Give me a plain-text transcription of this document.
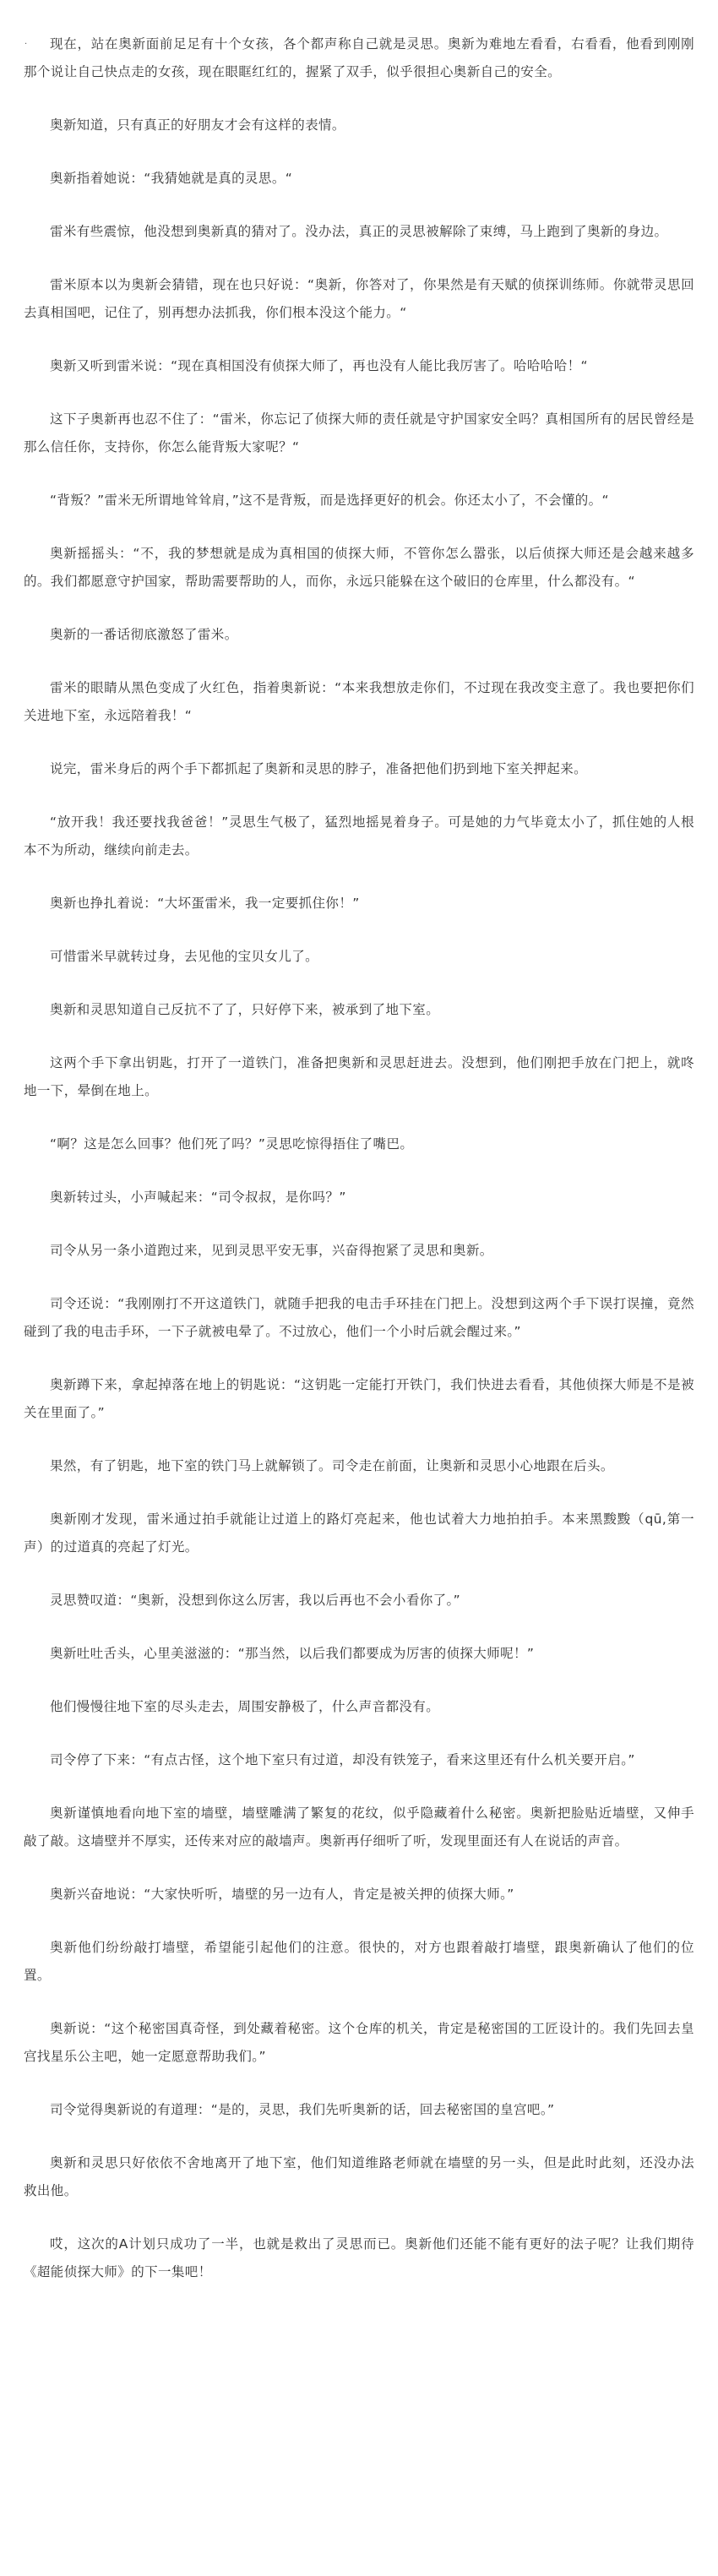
.	现在，站在奥新面前足足有十个女孩，各个都声称自己就是灵思。奥新为难地左看看，右看看，他看到刚刚那个说让自己快点走的女孩，现在眼眶红红的，握紧了双手，似乎很担心奥新自己的安全。

奥新知道，只有真正的好朋友才会有这样的表情。

奥新指着她说：“我猜她就是真的灵思。“

雷米有些震惊，他没想到奥新真的猜对了。没办法，真正的灵思被解除了束缚，马上跑到了奥新的身边。

雷米原本以为奥新会猜错，现在也只好说：“奥新，你答对了，你果然是有天赋的侦探训练师。你就带灵思回去真相国吧，记住了，别再想办法抓我，你们根本没这个能力。“

奥新又听到雷米说：“现在真相国没有侦探大师了，再也没有人能比我厉害了。哈哈哈哈！“

这下子奥新再也忍不住了：“雷米，你忘记了侦探大师的责任就是守护国家安全吗？真相国所有的居民曾经是那么信任你，支持你，你怎么能背叛大家呢？“

“背叛？”雷米无所谓地耸耸肩，”这不是背叛，而是选择更好的机会。你还太小了，不会懂的。“

奥新摇摇头：“不，我的梦想就是成为真相国的侦探大师，不管你怎么嚣张，以后侦探大师还是会越来越多的。我们都愿意守护国家，帮助需要帮助的人，而你，永远只能躲在这个破旧的仓库里，什么都没有。“

奥新的一番话彻底激怒了雷米。

雷米的眼睛从黑色变成了火红色，指着奥新说：“本来我想放走你们，不过现在我改变主意了。我也要把你们关进地下室，永远陪着我！“

说完，雷米身后的两个手下都抓起了奥新和灵思的脖子，准备把他们扔到地下室关押起来。

“放开我！我还要找我爸爸！”灵思生气极了，猛烈地摇晃着身子。可是她的力气毕竟太小了，抓住她的人根本不为所动，继续向前走去。

奥新也挣扎着说：“大坏蛋雷米，我一定要抓住你！”

可惜雷米早就转过身，去见他的宝贝女儿了。

奥新和灵思知道自己反抗不了了，只好停下来，被承到了地下室。

这两个手下拿出钥匙，打开了一道铁门，准备把奥新和灵思赶进去。没想到，他们刚把手放在门把上，就咚地一下，晕倒在地上。

“啊？这是怎么回事？他们死了吗？”灵思吃惊得捂住了嘴巴。

奥新转过头，小声喊起来：“司令叔叔，是你吗？”

司令从另一条小道跑过来，见到灵思平安无事，兴奋得抱紧了灵思和奥新。

司令还说：“我刚刚打不开这道铁门，就随手把我的电击手环挂在门把上。没想到这两个手下误打误撞，竟然碰到了我的电击手环，一下子就被电晕了。不过放心，他们一个小时后就会醒过来。”

奥新蹲下来，拿起掉落在地上的钥匙说：“这钥匙一定能打开铁门，我们快进去看看，其他侦探大师是不是被关在里面了。”

果然，有了钥匙，地下室的铁门马上就解锁了。司令走在前面，让奥新和灵思小心地跟在后头。

奥新刚才发现，雷米通过拍手就能让过道上的路灯亮起来，他也试着大力地拍拍手。本来黑黢黢（qū,第一声）的过道真的亮起了灯光。

灵思赞叹道：“奥新，没想到你这么厉害，我以后再也不会小看你了。”

奥新吐吐舌头，心里美滋滋的：“那当然，以后我们都要成为厉害的侦探大师呢！”

他们慢慢往地下室的尽头走去，周围安静极了，什么声音都没有。

司令停了下来：“有点古怪，这个地下室只有过道，却没有铁笼子，看来这里还有什么机关要开启。”

奥新谨慎地看向地下室的墙壁，墙壁雕满了繁复的花纹，似乎隐藏着什么秘密。奥新把脸贴近墙壁，又伸手敲了敲。这墙壁并不厚实，还传来对应的敲墙声。奥新再仔细听了听，发现里面还有人在说话的声音。

奥新兴奋地说：“大家快听听，墙壁的另一边有人，肯定是被关押的侦探大师。”

奥新他们纷纷敲打墙壁，希望能引起他们的注意。很快的，对方也跟着敲打墙壁，跟奥新确认了他们的位置。

奥新说：“这个秘密国真奇怪，到处藏着秘密。这个仓库的机关，肯定是秘密国的工匠设计的。我们先回去皇宫找星乐公主吧，她一定愿意帮助我们。”

司令觉得奥新说的有道理：“是的，灵思，我们先听奥新的话，回去秘密国的皇宫吧。”

奥新和灵思只好依依不舍地离开了地下室，他们知道维路老师就在墙壁的另一头，但是此时此刻，还没办法救出他。

哎，这次的A计划只成功了一半，也就是救出了灵思而已。奥新他们还能不能有更好的法子呢？让我们期待《超能侦探大师》的下一集吧！
